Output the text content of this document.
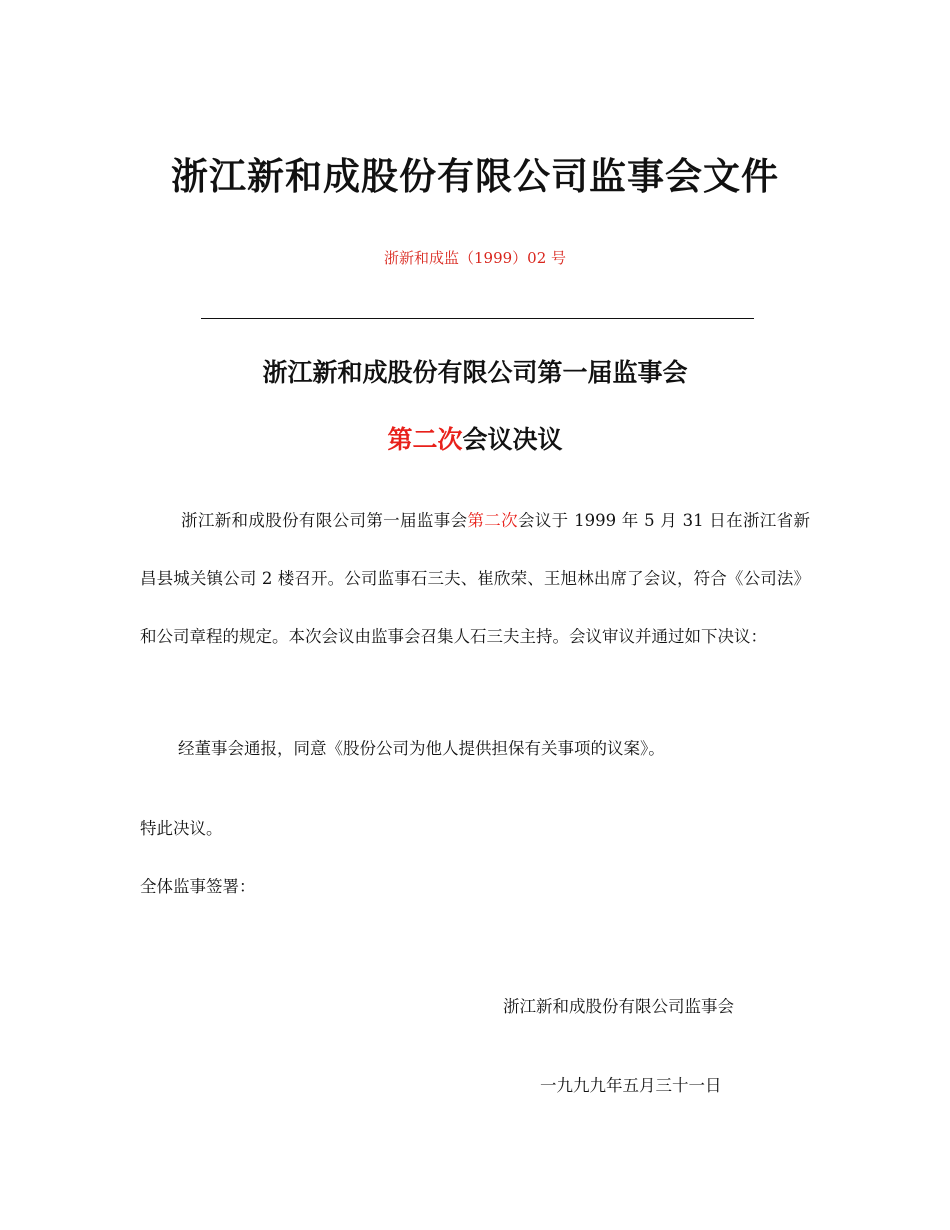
浙江新和成股份有限公司监事会文件
浙新和成监（1999）02 号
浙江新和成股份有限公司第一届监事会
第二次会议决议
浙江新和成股份有限公司第一届监事会第二次会议于 1999 年 5 月 31 日在浙江省新昌县城关镇公司 2 楼召开。公司监事石三夫、崔欣荣、王旭林出席了会议，符合《公司法》和公司章程的规定。本次会议由监事会召集人石三夫主持。会议审议并通过如下决议：
经董事会通报，同意《股份公司为他人提供担保有关事项的议案》。
特此决议。
全体监事签署：
浙江新和成股份有限公司监事会
一九九九年五月三十一日
